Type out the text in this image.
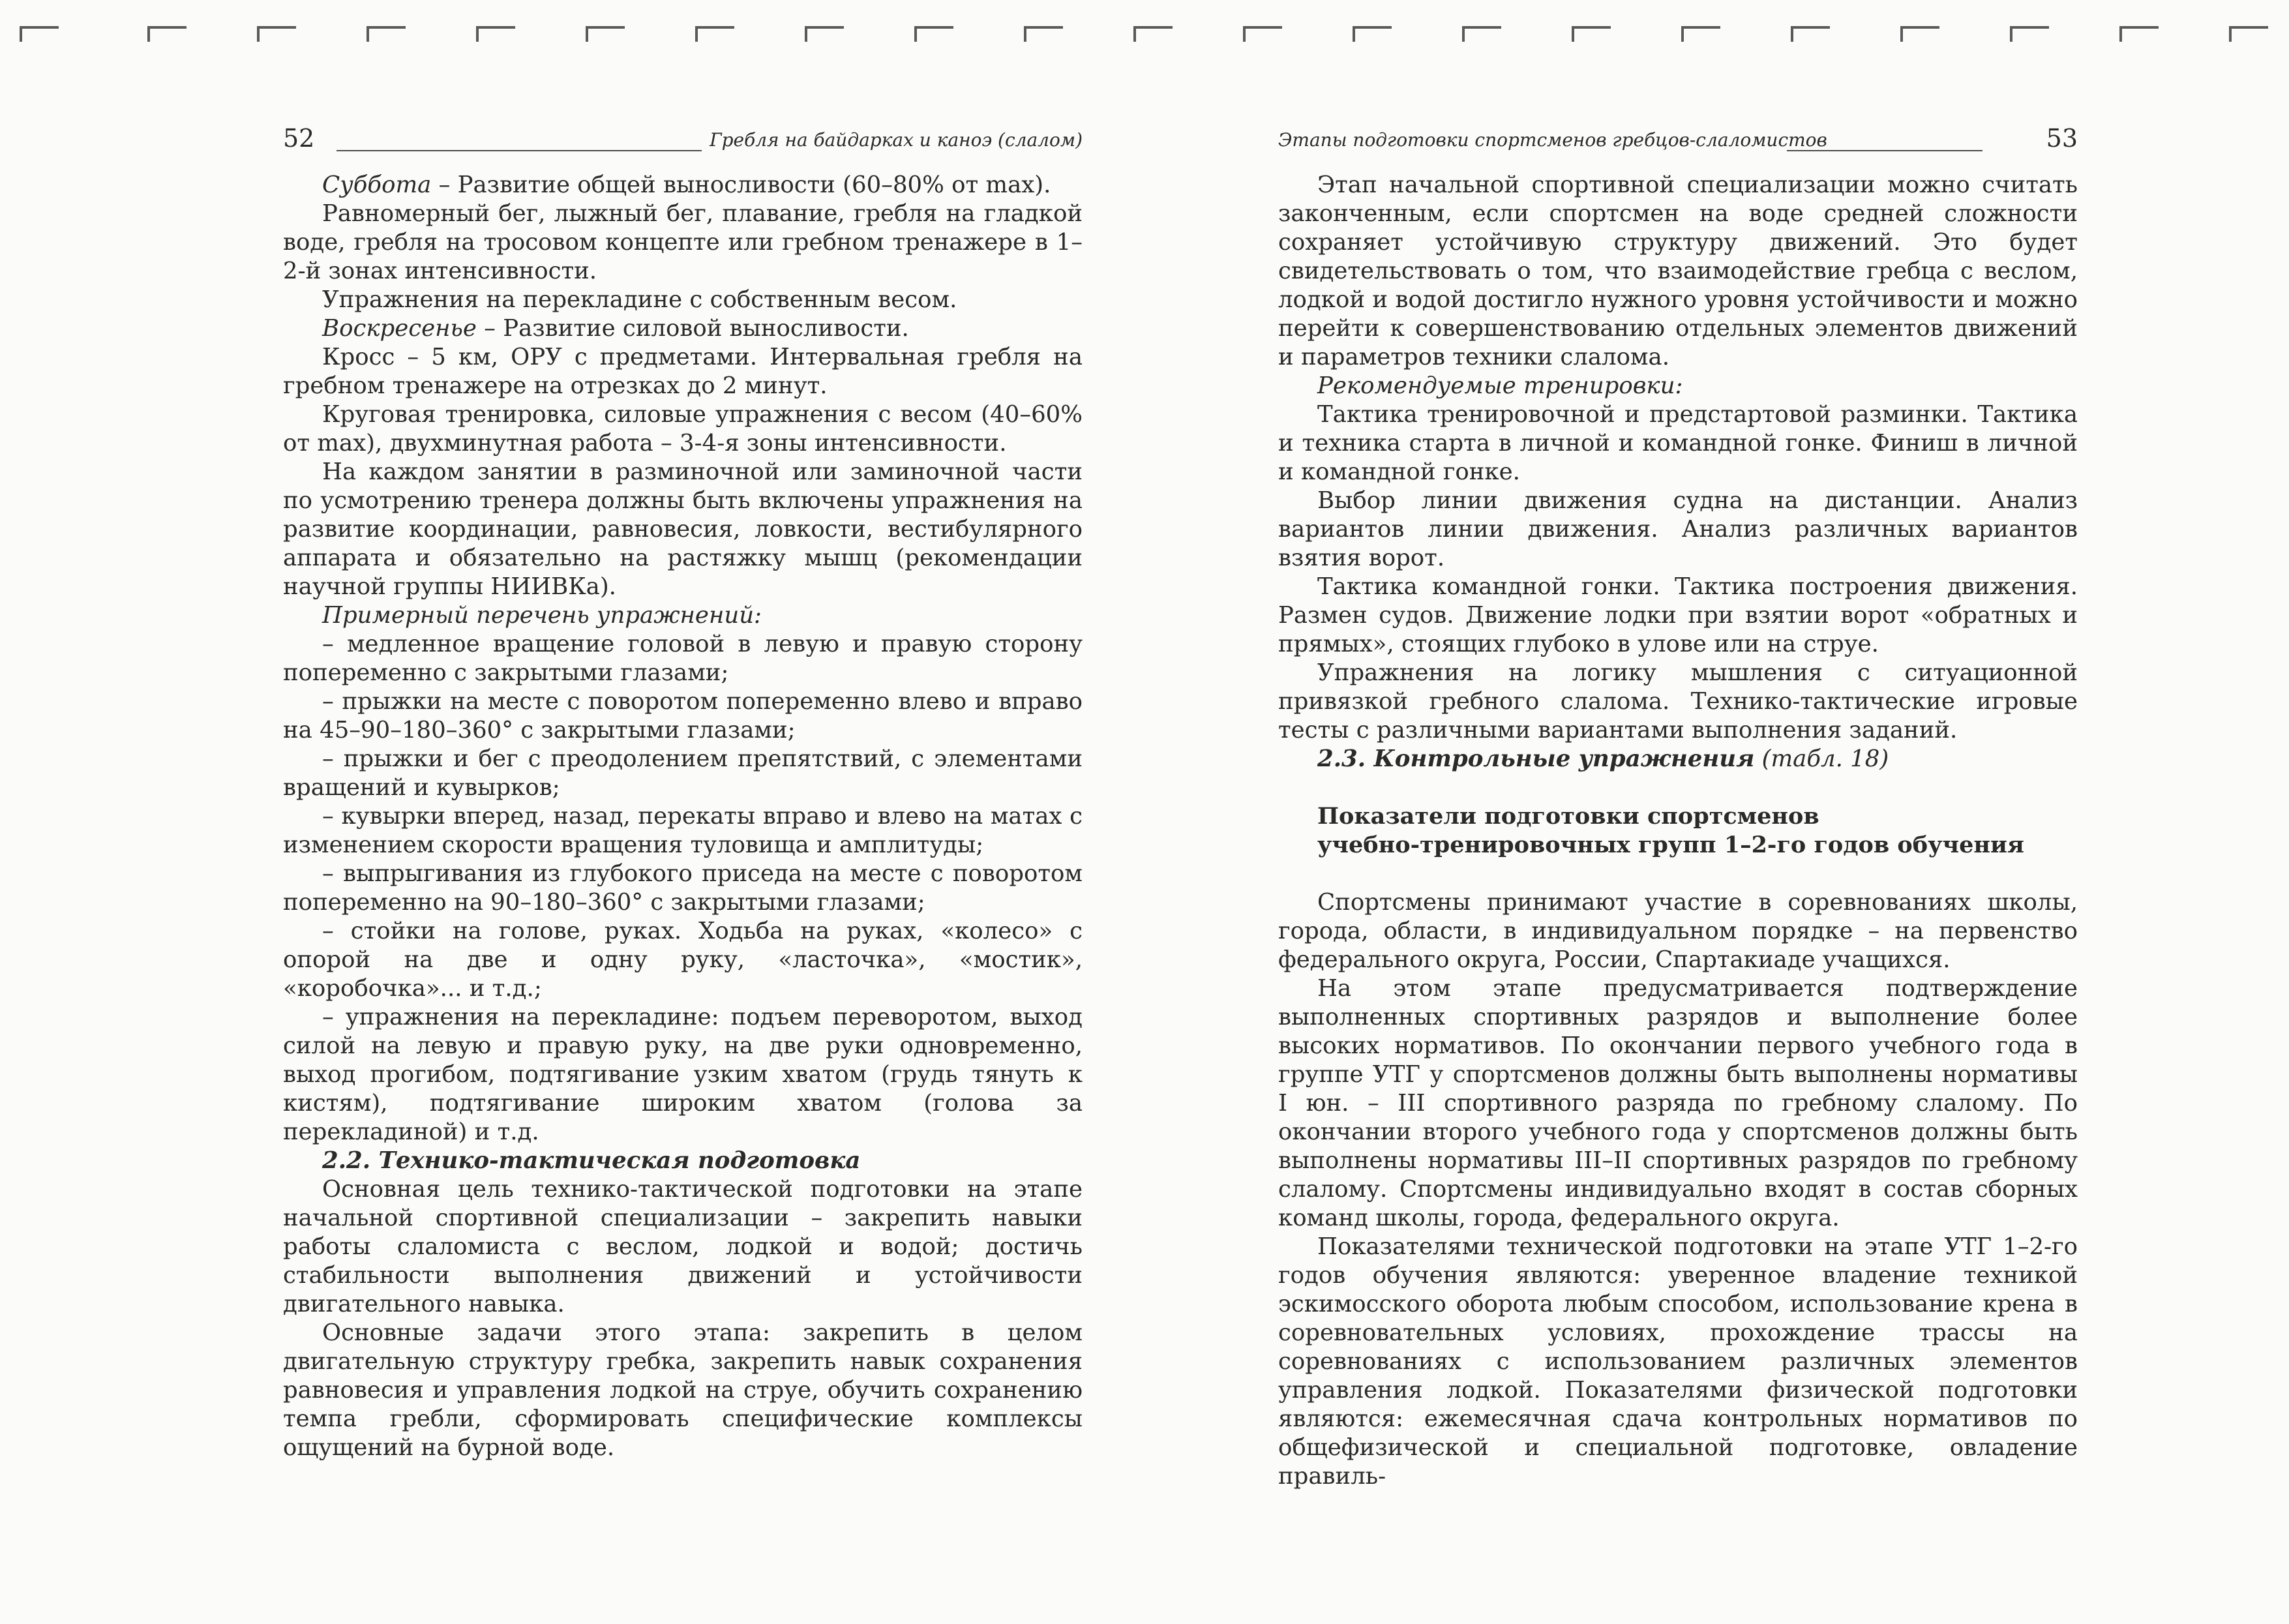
52	Гребля на байдарках и каноэ (слалом)

Суббота – Развитие общей выносливости (60–80% от max).

Равномерный бег, лыжный бег, плавание, гребля на гладкой воде, гребля на тросовом концепте или гребном тренажере в 1–2-й зонах интенсивности.

Упражнения на перекладине с собственным весом.

Воскресенье – Развитие силовой выносливости.

Кросс – 5 км, ОРУ с предметами. Интервальная гребля на гребном тренажере на отрезках до 2 минут.

Круговая тренировка, силовые упражнения с весом (40–60% от max), двухминутная работа – 3-4-я зоны интенсивности.

На каждом занятии в разминочной или заминочной части по усмотрению тренера должны быть включены упражнения на развитие координации, равновесия, ловкости, вестибулярного аппарата и обязательно на растяжку мышц (рекомендации научной группы НИИВКа).

Примерный перечень упражнений:

– медленное вращение головой в левую и правую сторону попеременно с закрытыми глазами;

– прыжки на месте с поворотом попеременно влево и вправо на 45–90–180–360° с закрытыми глазами;

– прыжки и бег с преодолением препятствий, с элементами вращений и кувырков;

– кувырки вперед, назад, перекаты вправо и влево на матах с изменением скорости вращения туловища и амплитуды;

– выпрыгивания из глубокого приседа на месте с поворотом попеременно на 90–180–360° с закрытыми глазами;

– стойки на голове, руках. Ходьба на руках, «колесо» с опорой на две и одну руку, «ласточка», «мостик», «коробочка»... и т.д.;

– упражнения на перекладине: подъем переворотом, выход силой на левую и правую руку, на две руки одновременно, выход прогибом, подтягивание узким хватом (грудь тянуть к кистям), подтягивание широким хватом (голова за перекладиной) и т.д.

2.2. Технико-тактическая подготовка

Основная цель технико-тактической подготовки на этапе начальной спортивной специализации – закрепить навыки работы слаломиста с веслом, лодкой и водой; достичь стабильности выполнения движений и устойчивости двигательного навыка.

Основные задачи этого этапа: закрепить в целом двигательную структуру гребка, закрепить навык сохранения равновесия и управления лодкой на струе, обучить сохранению темпа гребли, сформировать специфические комплексы ощущений на бурной воде.

Этапы подготовки спортсменов гребцов-слаломистов	53

Этап начальной спортивной специализации можно считать законченным, если спортсмен на воде средней сложности сохраняет устойчивую структуру движений. Это будет свидетельствовать о том, что взаимодействие гребца с веслом, лодкой и водой достигло нужного уровня устойчивости и можно перейти к совершенствованию отдельных элементов движений и параметров техники слалома.

Рекомендуемые тренировки:

Тактика тренировочной и предстартовой разминки. Тактика и техника старта в личной и командной гонке. Финиш в личной и командной гонке.

Выбор линии движения судна на дистанции. Анализ вариантов линии движения. Анализ различных вариантов взятия ворот.

Тактика командной гонки. Тактика построения движения. Размен судов. Движение лодки при взятии ворот «обратных и прямых», стоящих глубоко в улове или на струе.

Упражнения на логику мышления с ситуационной привязкой гребного слалома. Технико-тактические игровые тесты с различными вариантами выполнения заданий.

2.3. Контрольные упражнения (табл. 18)

Показатели подготовки спортсменов

учебно-тренировочных групп 1–2-го годов обучения

Спортсмены принимают участие в соревнованиях школы, города, области, в индивидуальном порядке – на первенство федерального округа, России, Спартакиаде учащихся.

На этом этапе предусматривается подтверждение выполненных спортивных разрядов и выполнение более высоких нормативов. По окончании первого учебного года в группе УТГ у спортсменов должны быть выполнены нормативы I юн. – III спортивного разряда по гребному слалому. По окончании второго учебного года у спортсменов должны быть выполнены нормативы III–II спортивных разрядов по гребному слалому. Спортсмены индивидуально входят в состав сборных команд школы, города, федерального округа.

Показателями технической подготовки на этапе УТГ 1–2-го годов обучения являются: уверенное владение техникой эскимосского оборота любым способом, использование крена в соревновательных условиях, прохождение трассы на соревнованиях с использованием различных элементов управления лодкой. Показателями физической подготовки являются: ежемесячная сдача контрольных нормативов по общефизической и специальной подготовке, овладение правиль-
